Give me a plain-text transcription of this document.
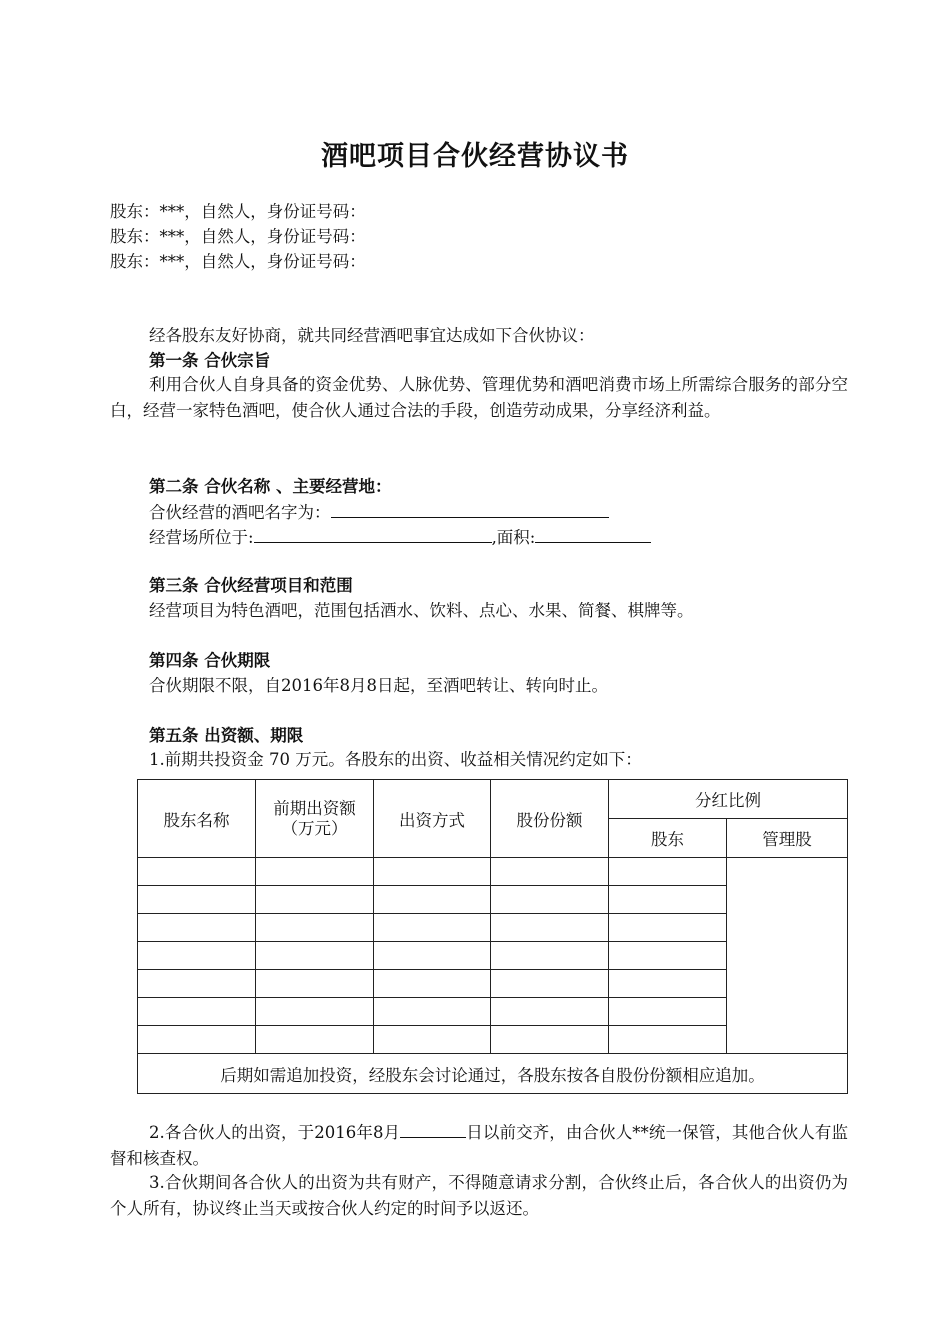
酒吧项目合伙经营协议书
股东：***，自然人，身份证号码：
股东：***，自然人，身份证号码：
股东：***，自然人，身份证号码：
经各股东友好协商，就共同经营酒吧事宜达成如下合伙协议：
第一条 合伙宗旨
利用合伙人自身具备的资金优势、人脉优势、管理优势和酒吧消费市场上所需综合服务的部分空白，经营一家特色酒吧，使合伙人通过合法的手段，创造劳动成果，分享经济利益。
第二条 合伙名称 、主要经营地：
合伙经营的酒吧名字为：
经营场所位于:	,面积:
第三条 合伙经营项目和范围
经营项目为特色酒吧，范围包括酒水、饮料、点心、水果、简餐、棋牌等。
第四条 合伙期限
合伙期限不限，自2016年8月8日起，至酒吧转让、转向时止。
第五条 出资额、期限
1.前期共投资金 70 万元。各股东的出资、收益相关情况约定如下：
股东名称	前期出资额（万元）	出资方式	股份份额	分红比例	
				股东	管理股

后期如需追加投资，经股东会讨论通过，各股东按各自股份份额相应追加。					
2.各合伙人的出资，于2016年8月	日以前交齐，由合伙人**统一保管，其他合伙人有监督和核查权。
3.合伙期间各合伙人的出资为共有财产，不得随意请求分割，合伙终止后，各合伙人的出资仍为个人所有，协议终止当天或按合伙人约定的时间予以返还。
